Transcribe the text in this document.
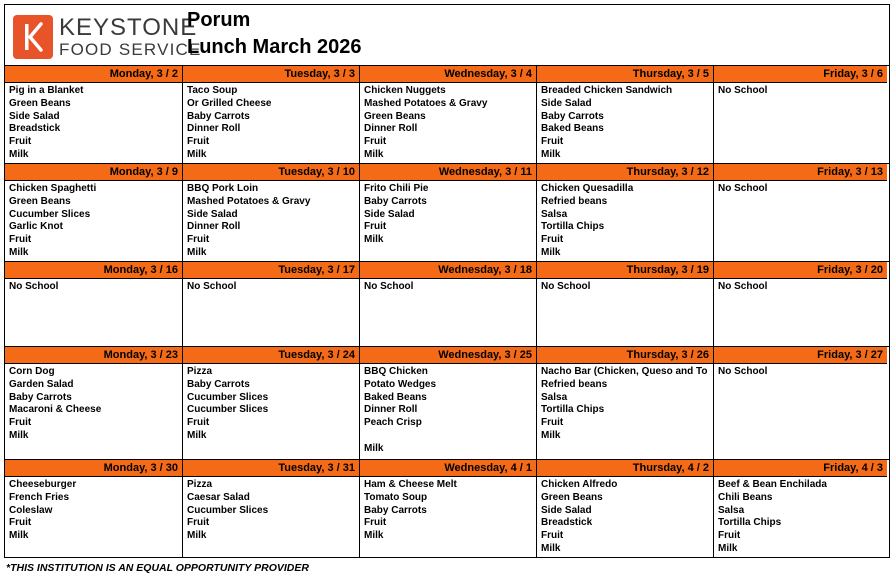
KEYSTONE
FOOD SERVICE
Porum
Lunch March 2026
Monday, 3 / 2
Pig in a Blanket
Green Beans
Side Salad
Breadstick
Fruit
Milk
Tuesday, 3 / 3
Taco Soup
Or Grilled Cheese
Baby Carrots
Dinner Roll
Fruit
Milk
Wednesday, 3 / 4
Chicken Nuggets
Mashed Potatoes & Gravy
Green Beans
Dinner Roll
Fruit
Milk
Thursday, 3 / 5
Breaded Chicken Sandwich
Side Salad
Baby Carrots
Baked Beans
Fruit
Milk
Friday, 3 / 6
No School
Monday, 3 / 9
Chicken Spaghetti
Green Beans
Cucumber Slices
Garlic Knot
Fruit
Milk
Tuesday, 3 / 10
BBQ Pork Loin
Mashed Potatoes & Gravy
Side Salad
Dinner Roll
Fruit
Milk
Wednesday, 3 / 11
Frito Chili Pie
Baby Carrots
Side Salad
Fruit
Milk
Thursday, 3 / 12
Chicken Quesadilla
Refried beans
Salsa
Tortilla Chips
Fruit
Milk
Friday, 3 / 13
No School
Monday, 3 / 16
No School
Tuesday, 3 / 17
No School
Wednesday, 3 / 18
No School
Thursday, 3 / 19
No School
Friday, 3 / 20
No School
Monday, 3 / 23
Corn Dog
Garden Salad
Baby Carrots
Macaroni & Cheese
Fruit
Milk
Tuesday, 3 / 24
Pizza
Baby Carrots
Cucumber Slices
Cucumber Slices
Fruit
Milk
Wednesday, 3 / 25
BBQ Chicken
Potato Wedges
Baked Beans
Dinner Roll
Peach Crisp
Milk
Thursday, 3 / 26
Nacho Bar (Chicken, Queso and To
Refried beans
Salsa
Tortilla Chips
Fruit
Milk
Friday, 3 / 27
No School
Monday, 3 / 30
Cheeseburger
French Fries
Coleslaw
Fruit
Milk
Tuesday, 3 / 31
Pizza
Caesar Salad
Cucumber Slices
Fruit
Milk
Wednesday, 4 / 1
Ham & Cheese Melt
Tomato Soup
Baby Carrots
Fruit
Milk
Thursday, 4 / 2
Chicken Alfredo
Green Beans
Side Salad
Breadstick
Fruit
Milk
Friday, 4 / 3
Beef & Bean Enchilada
Chili Beans
Salsa
Tortilla Chips
Fruit
Milk
*THIS INSTITUTION IS AN EQUAL OPPORTUNITY PROVIDER
